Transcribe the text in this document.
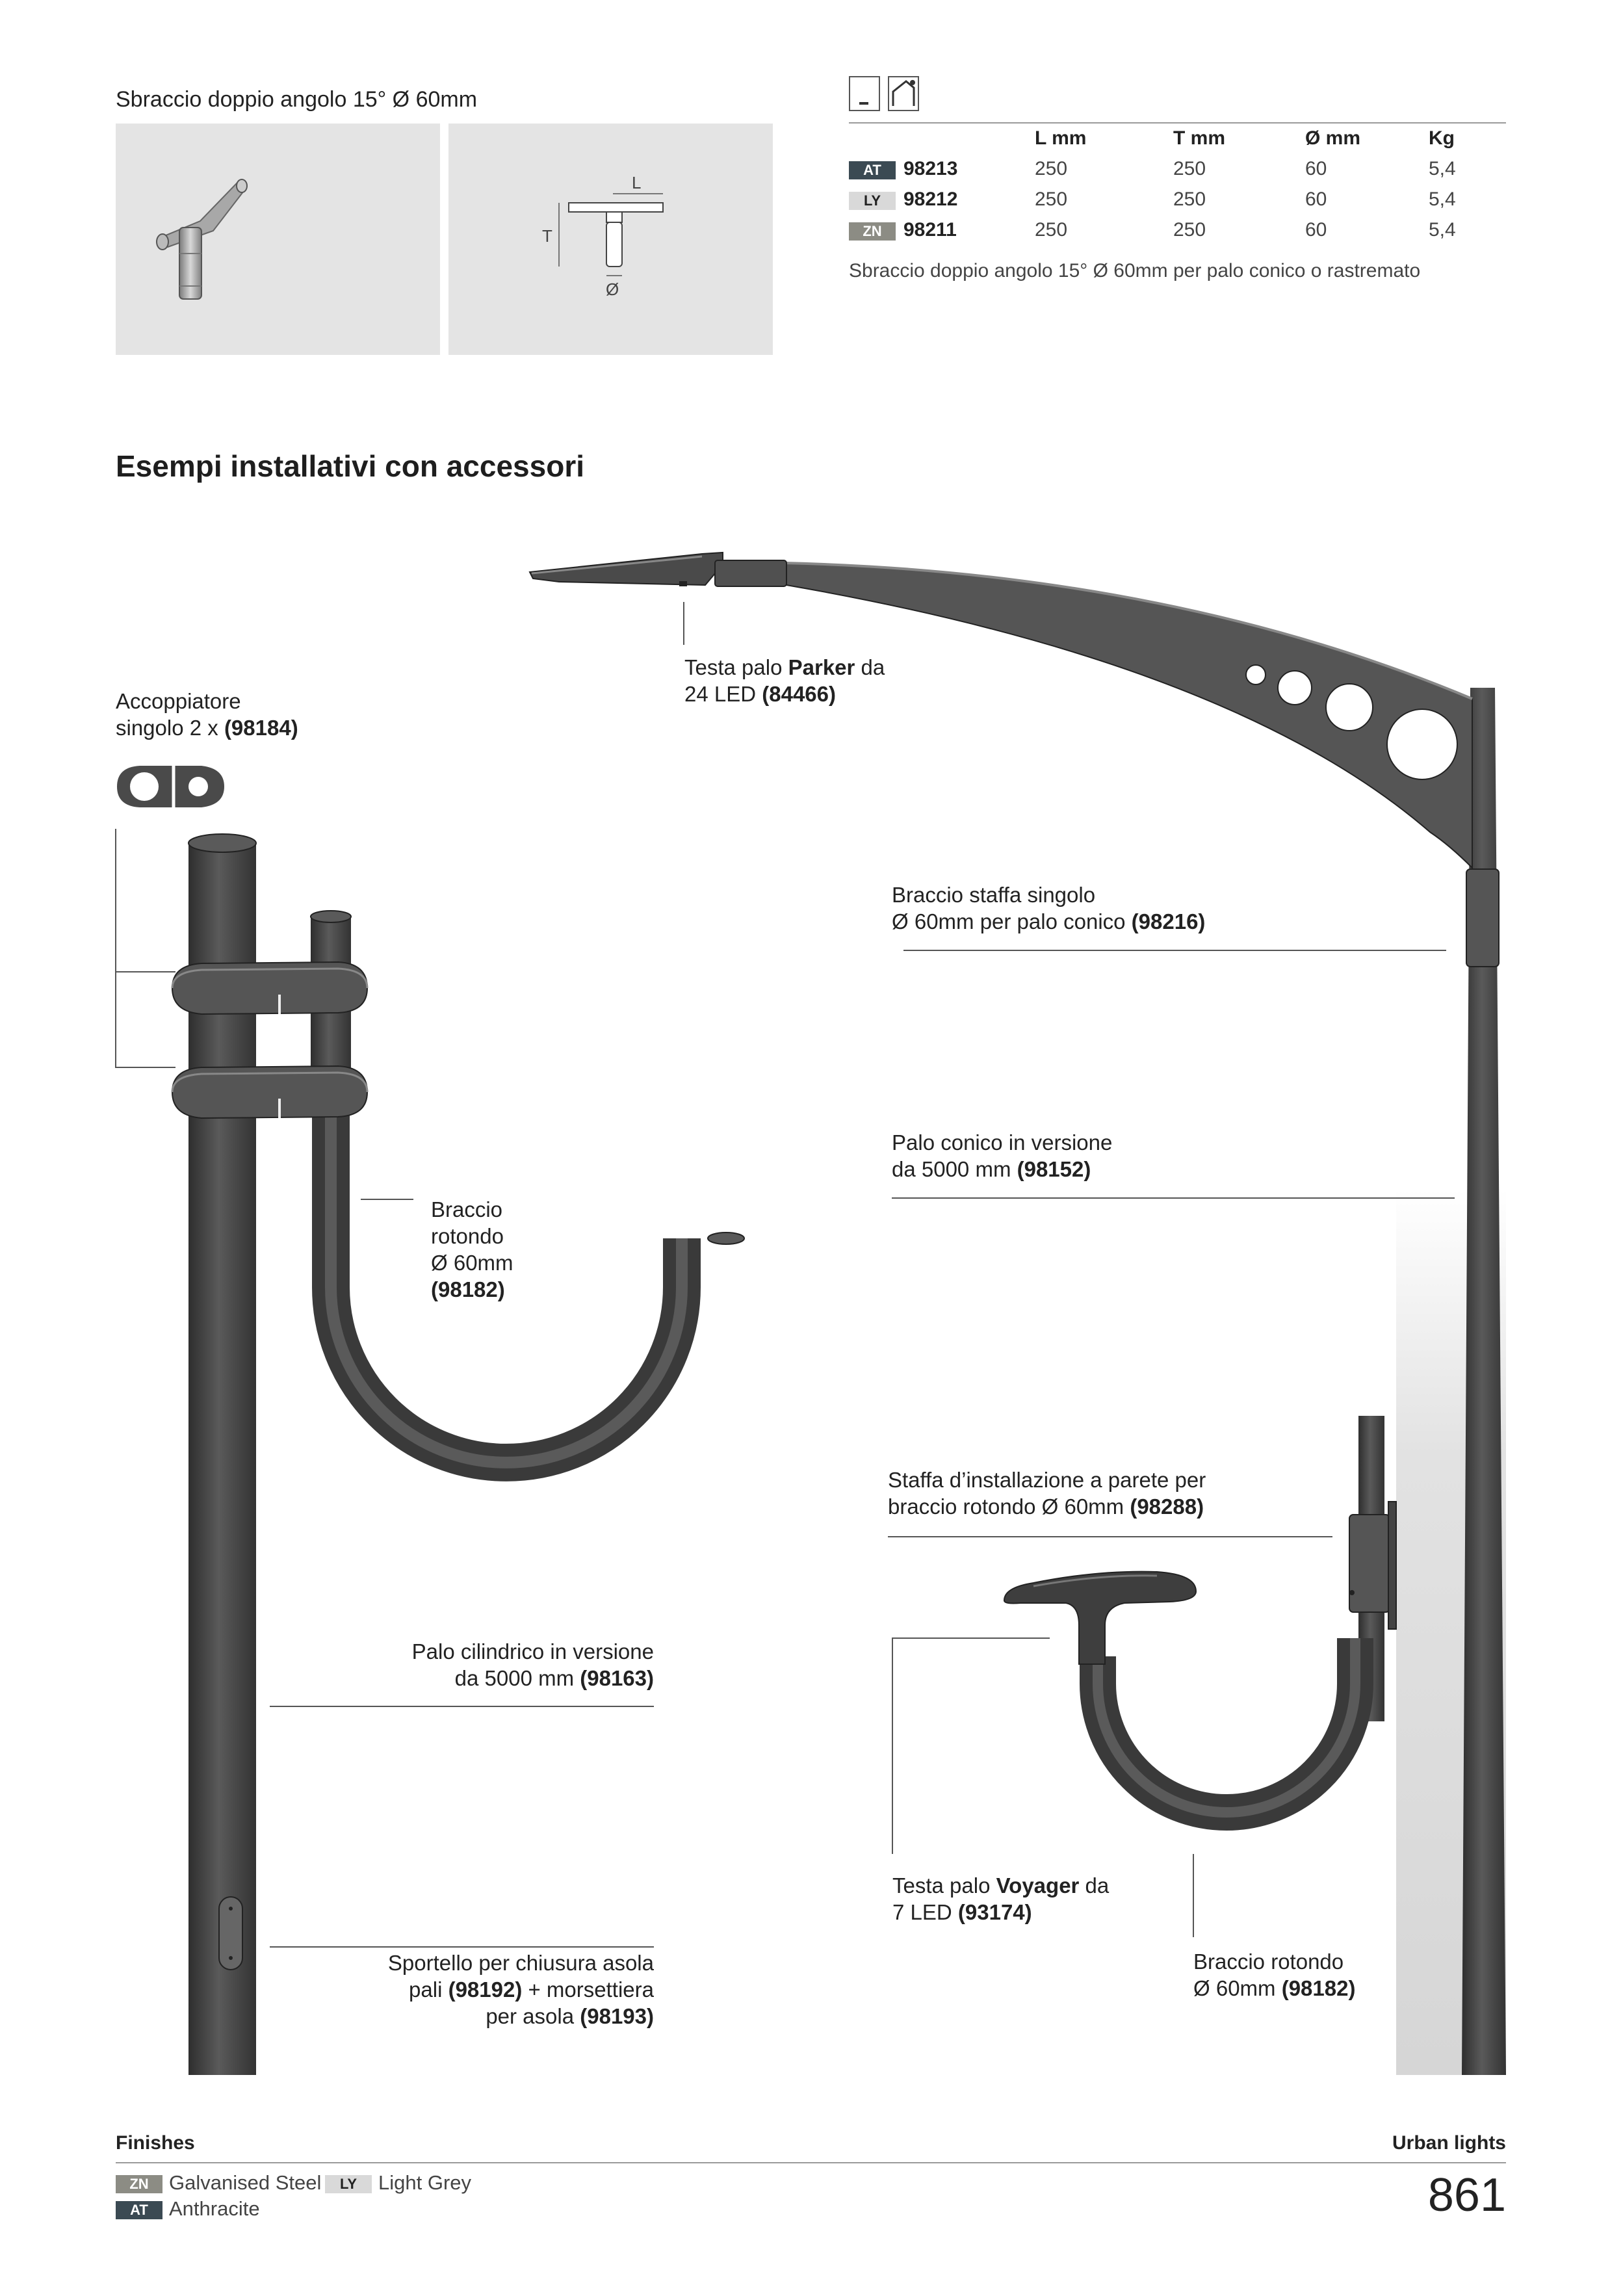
Sbraccio doppio angolo 15° Ø 60mm
L
T
Ø
L mm	T mm	Ø mm	Kg
AT	98213	250	250	60	5,4
LY	98212	250	250	60	5,4
ZN	98211	250	250	60	5,4
Sbraccio doppio angolo 15° Ø 60mm per palo conico o rastremato
Esempi installativi con accessori
Testa palo Parker da
24 LED (84466)
Accoppiatore
singolo 2 x (98184)
Braccio staffa singolo
Ø 60mm per palo conico (98216)
Palo conico in versione
da 5000 mm (98152)
Braccio
rotondo
Ø 60mm
(98182)
Staffa d’installazione a parete per
braccio rotondo Ø 60mm (98288)
Palo cilindrico in versione
da 5000 mm (98163)
Testa palo Voyager da
7 LED (93174)
Braccio rotondo
Ø 60mm (98182)
Sportello per chiusura asola
pali (98192) + morsettiera
per asola (98193)
Finishes	Urban lights
ZN	Galvanised Steel	LY	Light Grey
AT	Anthracite	861
